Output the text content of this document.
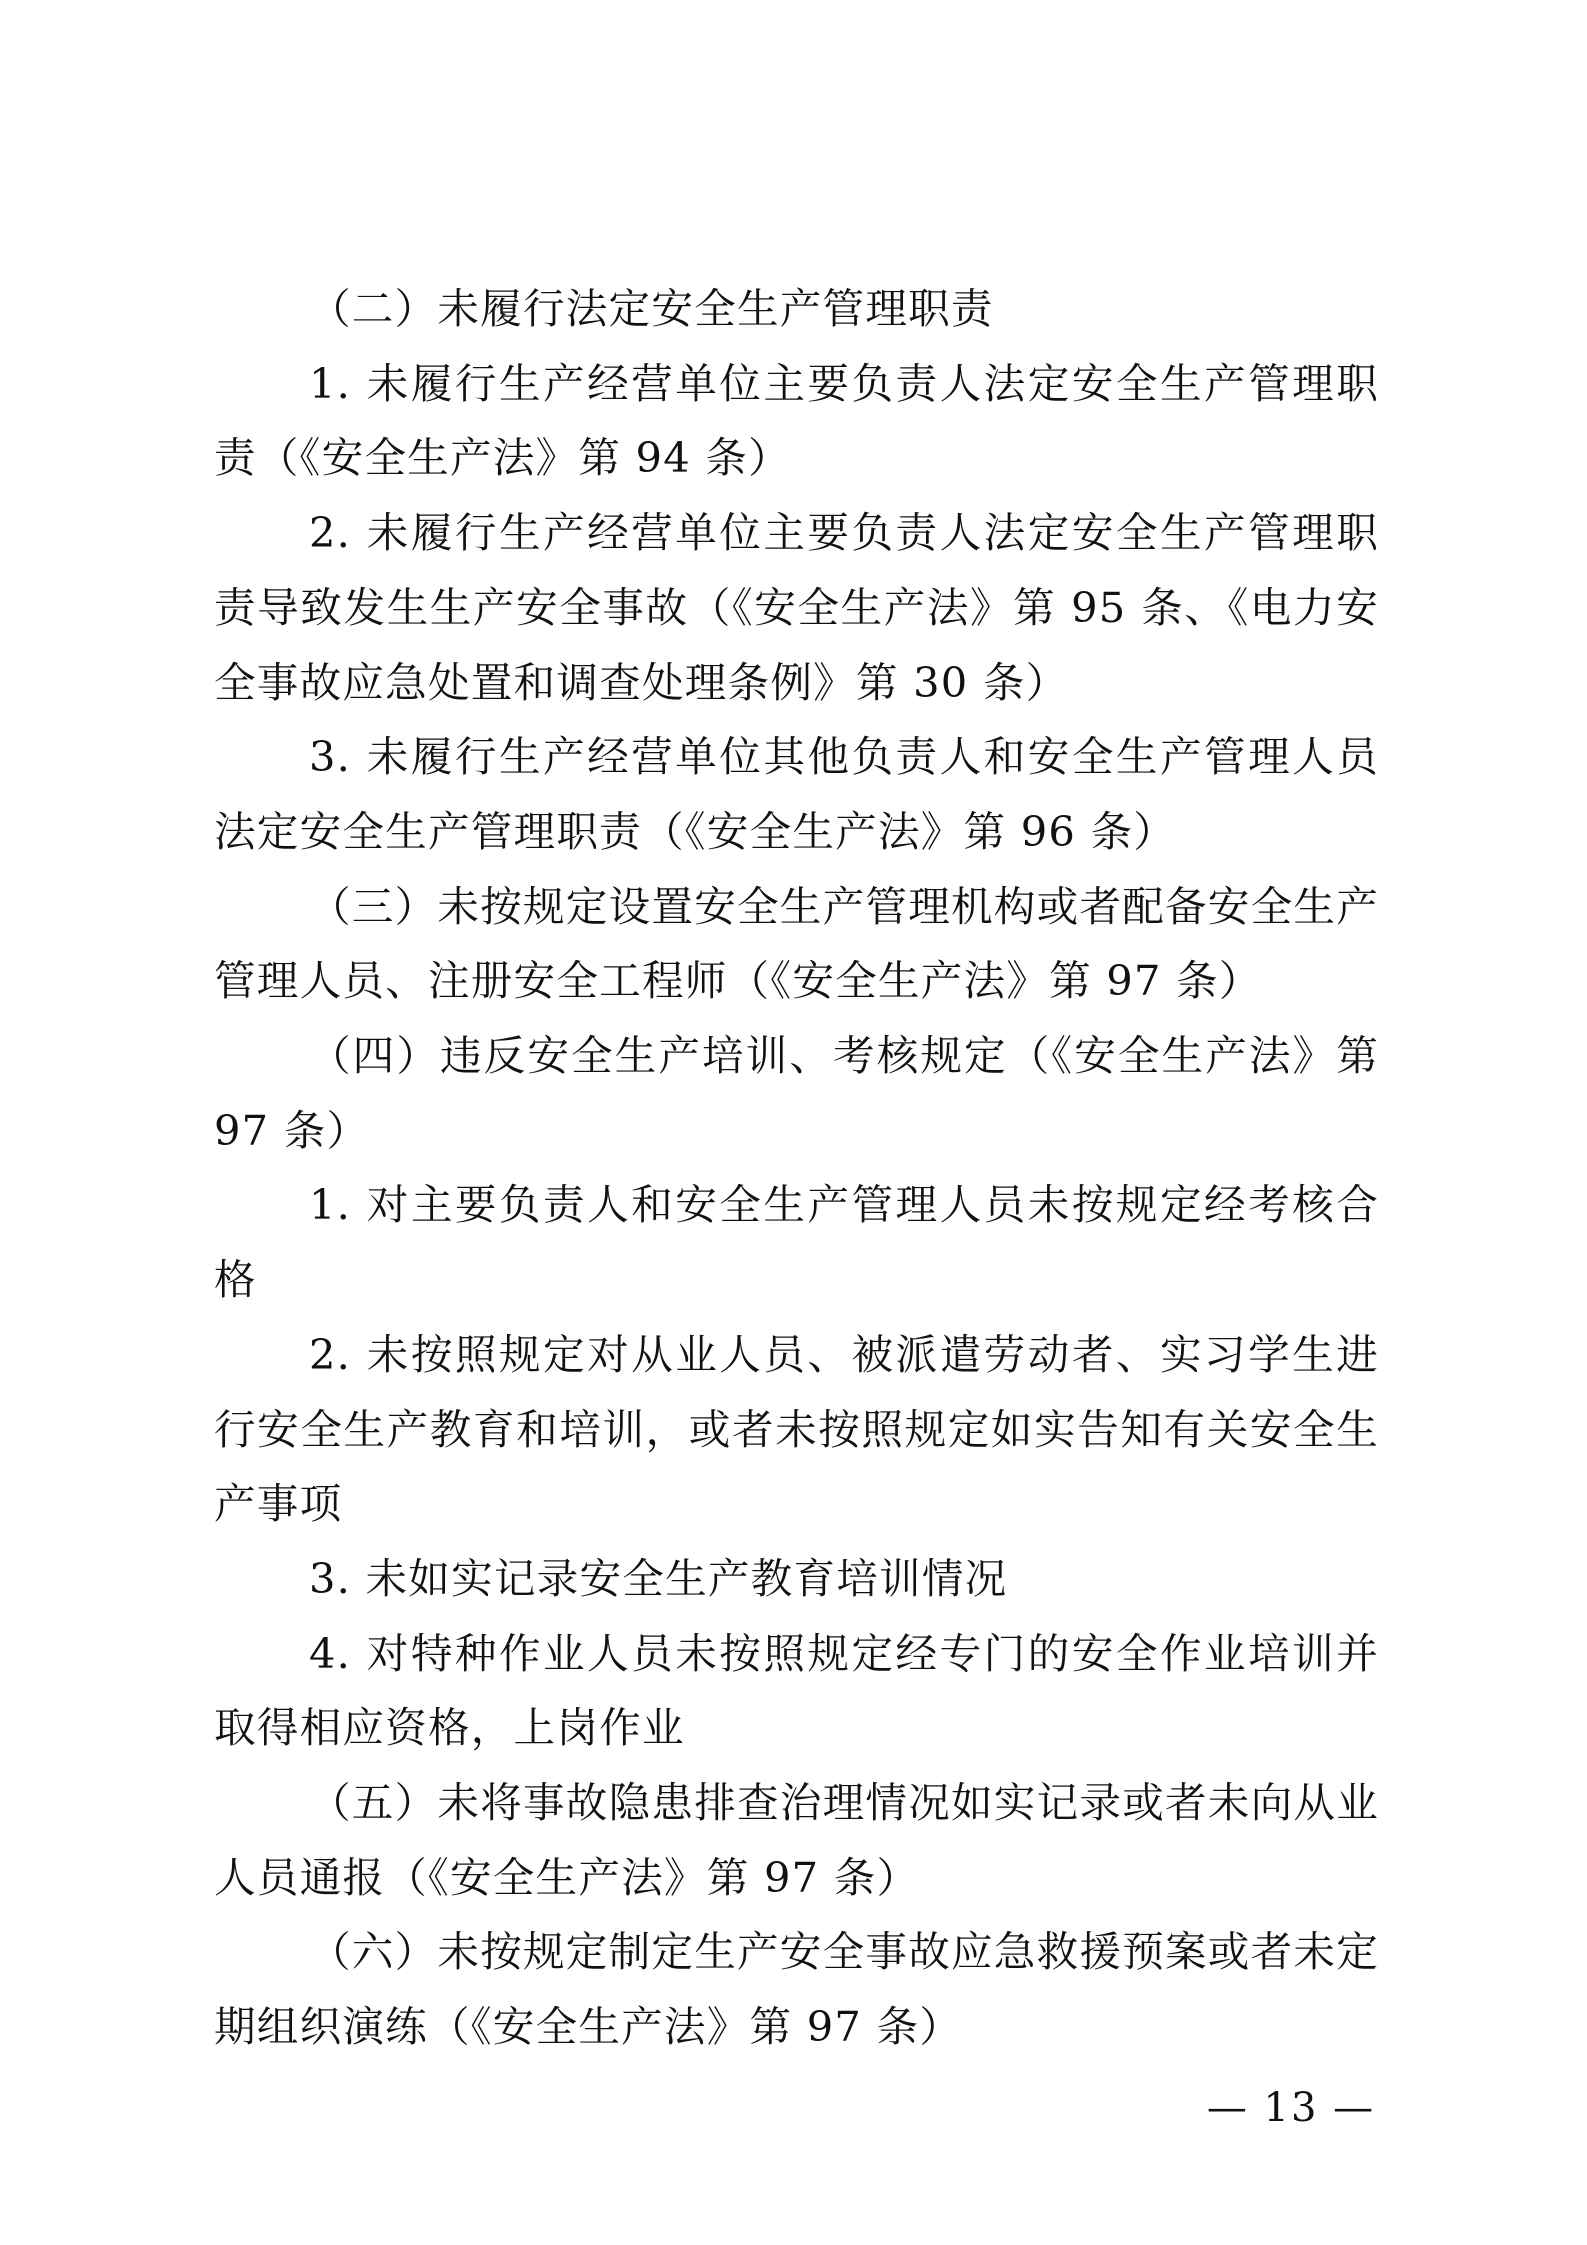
（二）未履行法定安全生产管理职责

1. 未履行生产经营单位主要负责人法定安全生产管理职责（《安全生产法》第 94 条）

2. 未履行生产经营单位主要负责人法定安全生产管理职责导致发生生产安全事故（《安全生产法》第 95 条、《电力安全事故应急处置和调查处理条例》第 30 条）

3. 未履行生产经营单位其他负责人和安全生产管理人员法定安全生产管理职责（《安全生产法》第 96 条）

（三）未按规定设置安全生产管理机构或者配备安全生产管理人员、注册安全工程师（《安全生产法》第 97 条）

（四）违反安全生产培训、考核规定（《安全生产法》第 97 条）

1. 对主要负责人和安全生产管理人员未按规定经考核合格

2. 未按照规定对从业人员、被派遣劳动者、实习学生进行安全生产教育和培训，或者未按照规定如实告知有关安全生产事项

3. 未如实记录安全生产教育培训情况

4. 对特种作业人员未按照规定经专门的安全作业培训并取得相应资格，上岗作业

（五）未将事故隐患排查治理情况如实记录或者未向从业人员通报（《安全生产法》第 97 条）

（六）未按规定制定生产安全事故应急救援预案或者未定期组织演练（《安全生产法》第 97 条）

— 13 —
